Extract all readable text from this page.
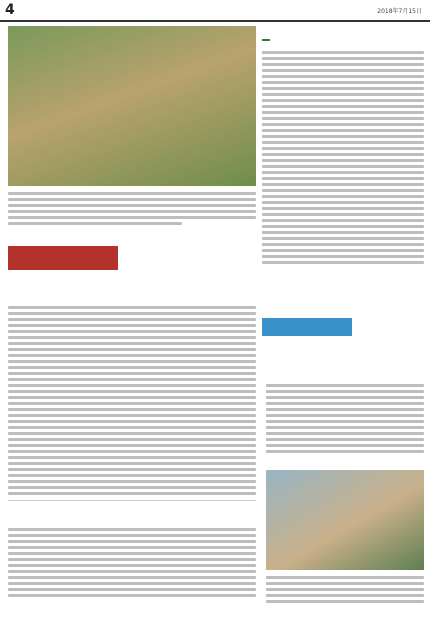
4	2018年7月15日
